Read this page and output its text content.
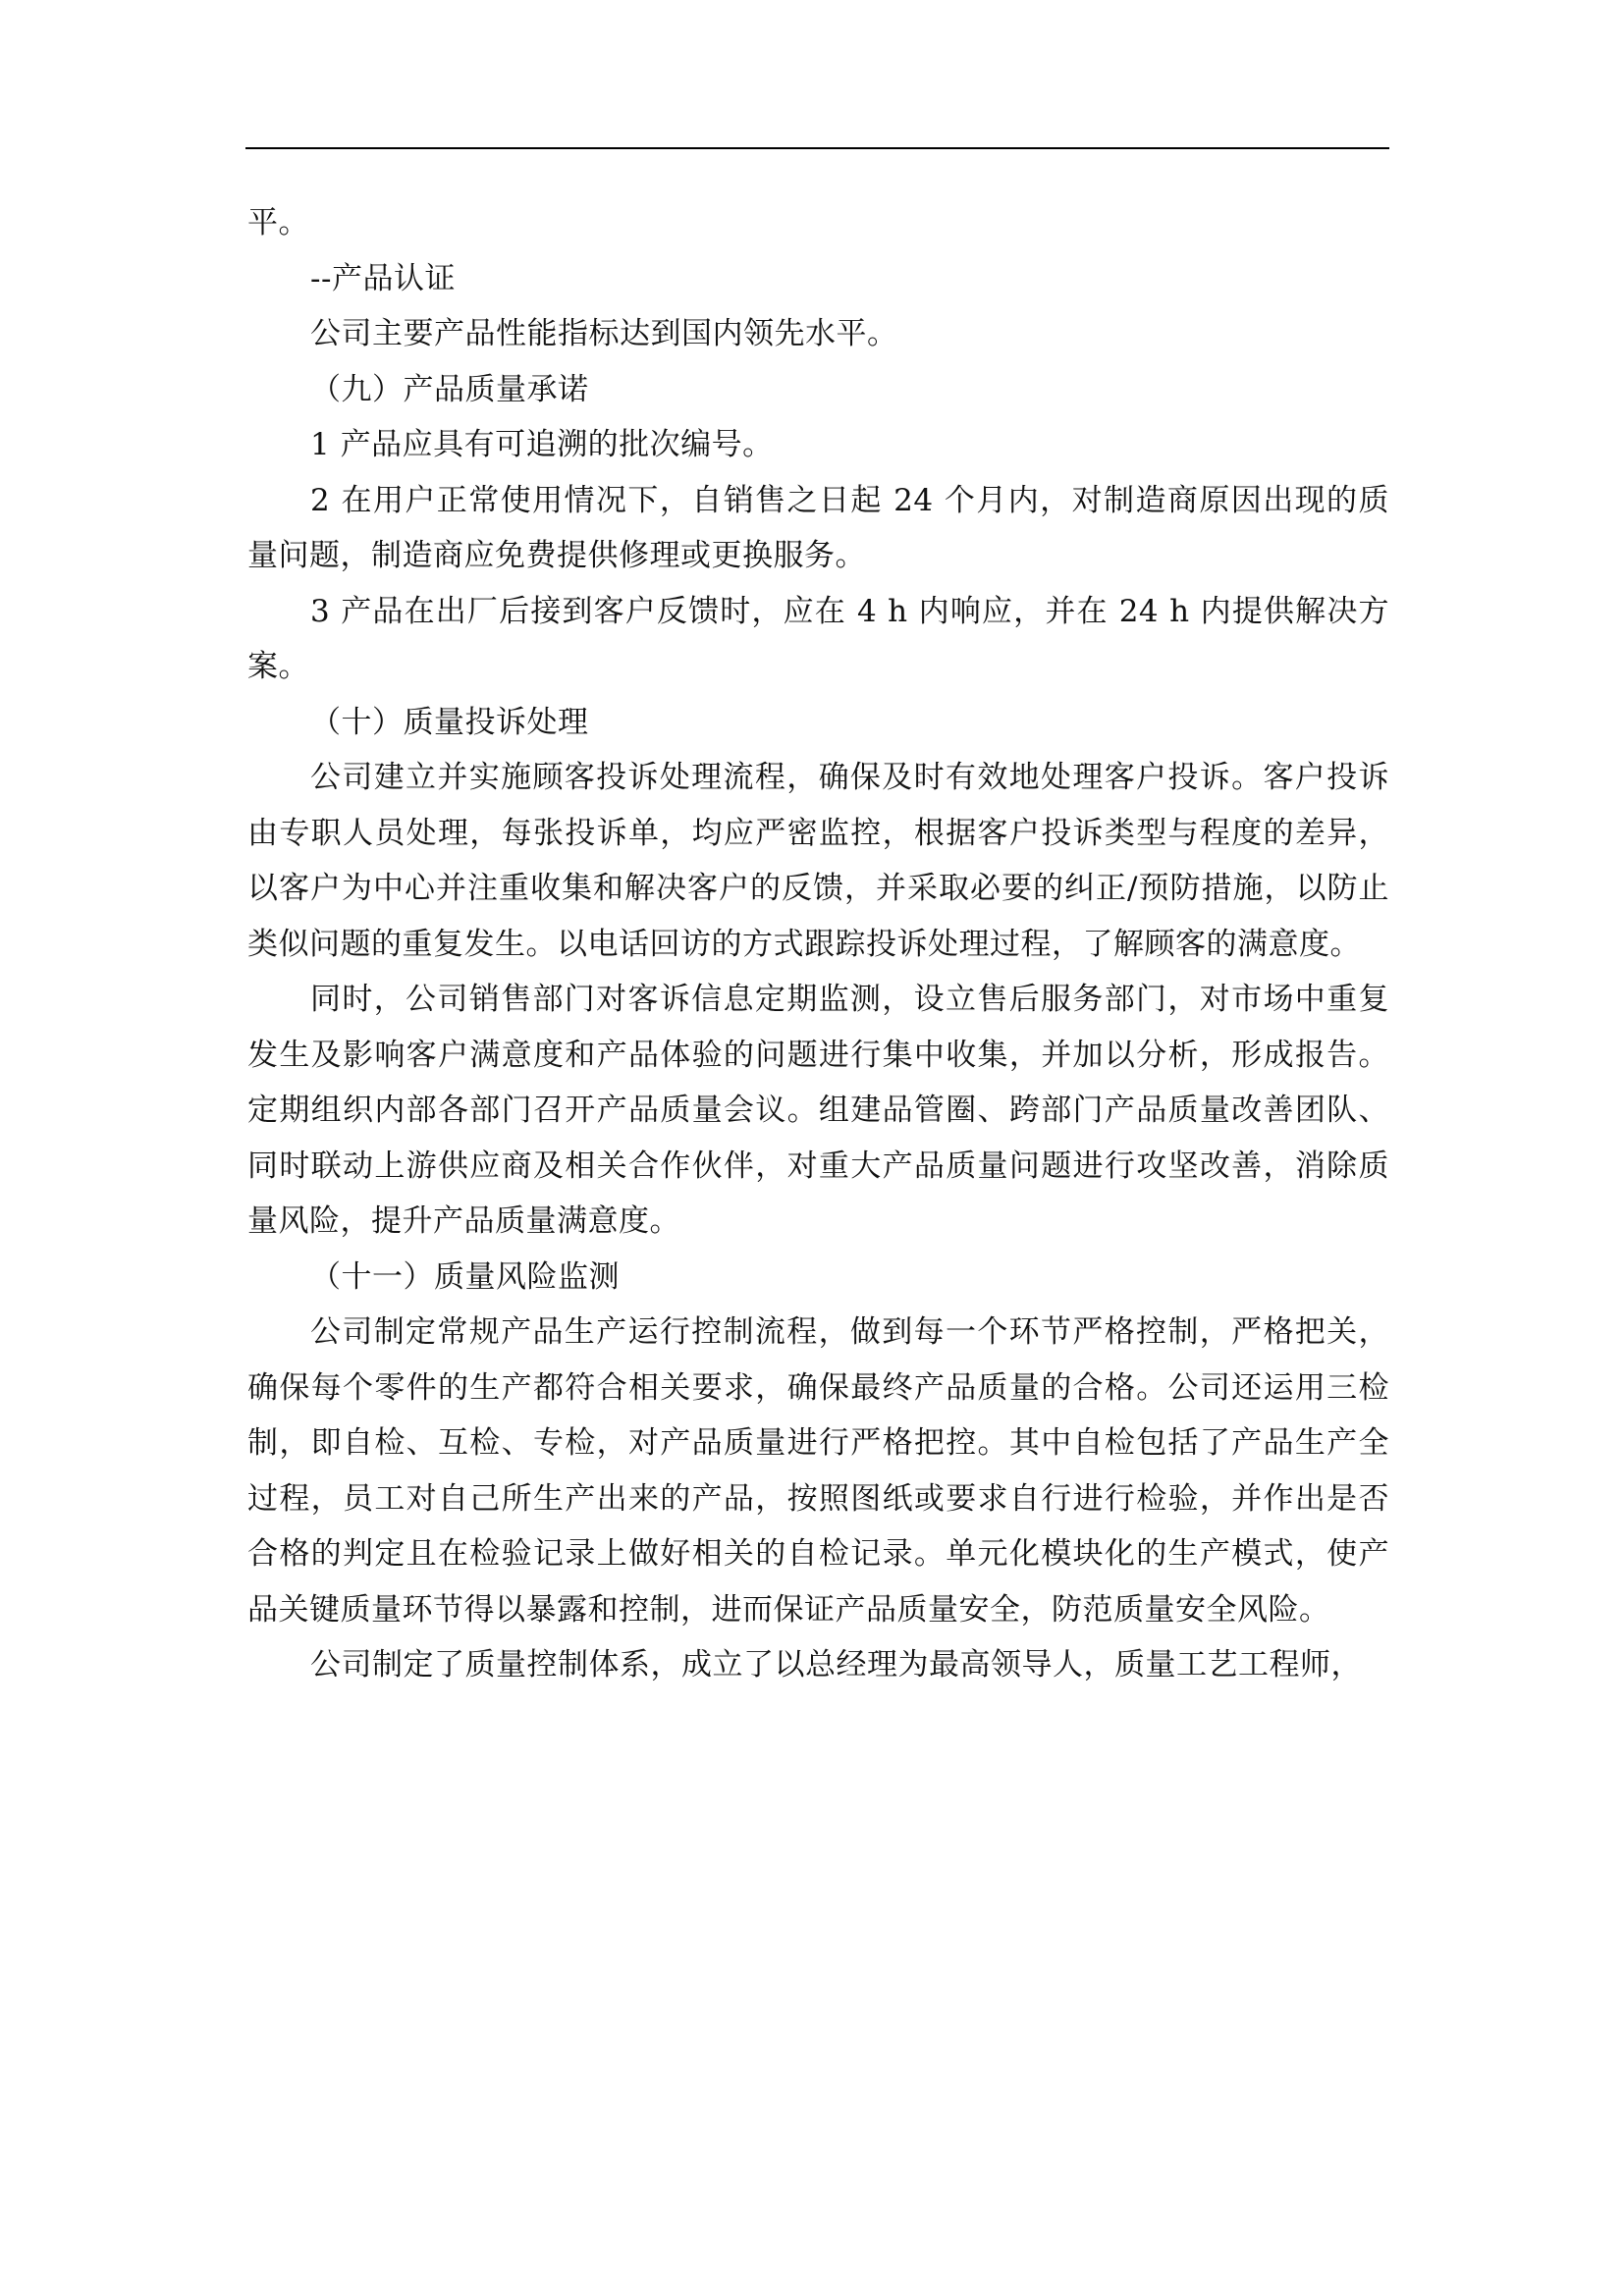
平。

--产品认证

公司主要产品性能指标达到国内领先水平。

（九）产品质量承诺

1 产品应具有可追溯的批次编号。

2 在用户正常使用情况下，自销售之日起 24 个月内，对制造商原因出现的质量问题，制造商应免费提供修理或更换服务。

3 产品在出厂后接到客户反馈时，应在 4 h 内响应，并在 24 h 内提供解决方案。

（十）质量投诉处理

公司建立并实施顾客投诉处理流程，确保及时有效地处理客户投诉。客户投诉由专职人员处理，每张投诉单，均应严密监控，根据客户投诉类型与程度的差异，以客户为中心并注重收集和解决客户的反馈，并采取必要的纠正/预防措施，以防止类似问题的重复发生。以电话回访的方式跟踪投诉处理过程，了解顾客的满意度。

同时，公司销售部门对客诉信息定期监测，设立售后服务部门，对市场中重复发生及影响客户满意度和产品体验的问题进行集中收集，并加以分析，形成报告。定期组织内部各部门召开产品质量会议。组建品管圈、跨部门产品质量改善团队、同时联动上游供应商及相关合作伙伴，对重大产品质量问题进行攻坚改善，消除质量风险，提升产品质量满意度。

（十一）质量风险监测

公司制定常规产品生产运行控制流程，做到每一个环节严格控制，严格把关，确保每个零件的生产都符合相关要求，确保最终产品质量的合格。公司还运用三检制，即自检、互检、专检，对产品质量进行严格把控。其中自检包括了产品生产全过程，员工对自己所生产出来的产品，按照图纸或要求自行进行检验，并作出是否合格的判定且在检验记录上做好相关的自检记录。单元化模块化的生产模式，使产品关键质量环节得以暴露和控制，进而保证产品质量安全，防范质量安全风险。

公司制定了质量控制体系，成立了以总经理为最高领导人，质量工艺工程师，
